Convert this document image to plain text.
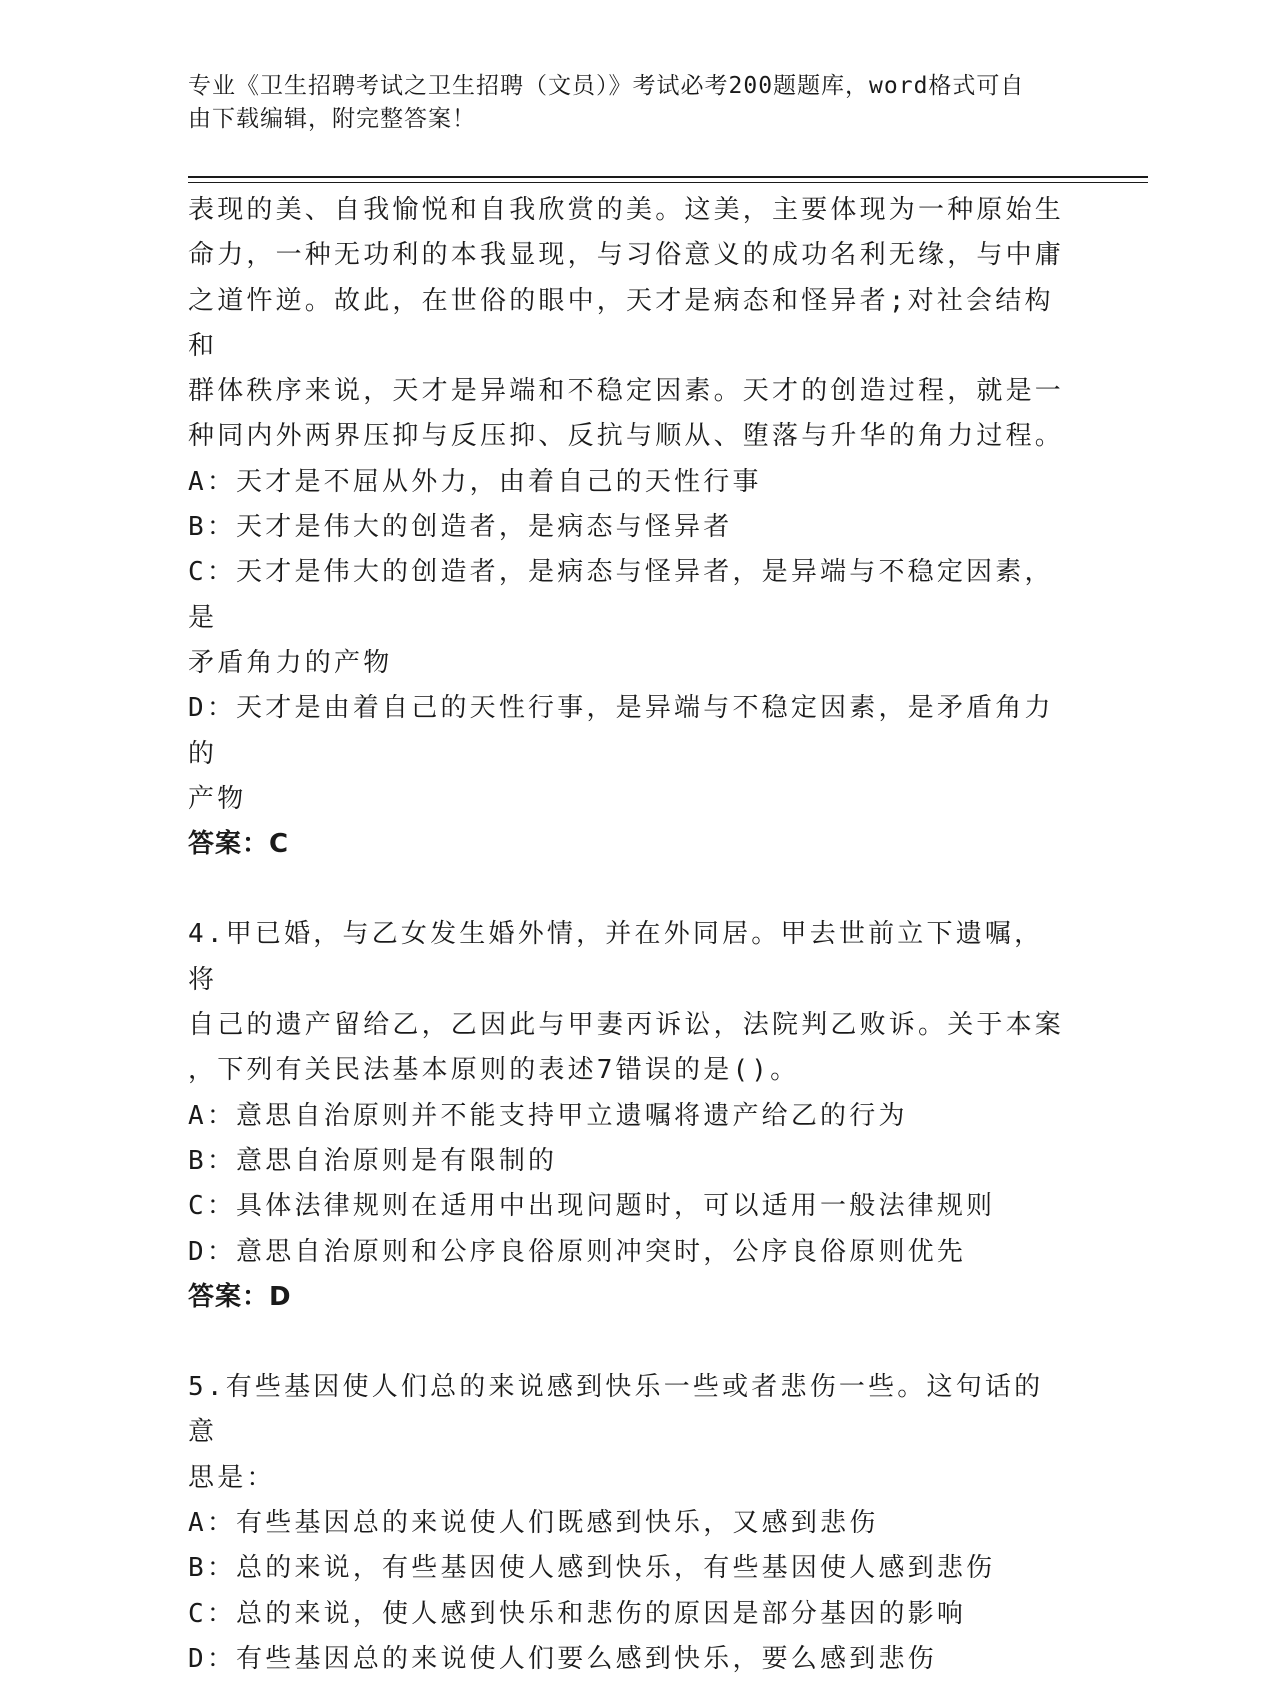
专业《卫生招聘考试之卫生招聘（文员）》考试必考200题题库，word格式可自
由下载编辑，附完整答案！

表现的美、自我愉悦和自我欣赏的美。这美，主要体现为一种原始生

命力，一种无功利的本我显现，与习俗意义的成功名利无缘，与中庸

之道忤逆。故此，在世俗的眼中，天才是病态和怪异者;对社会结构和

群体秩序来说，天才是异端和不稳定因素。天才的创造过程，就是一

种同内外两界压抑与反压抑、反抗与顺从、堕落与升华的角力过程。

A：天才是不屈从外力，由着自己的天性行事

B：天才是伟大的创造者，是病态与怪异者

C：天才是伟大的创造者，是病态与怪异者，是异端与不稳定因素，是

矛盾角力的产物

D：天才是由着自己的天性行事，是异端与不稳定因素，是矛盾角力的

产物

答案：C

4.甲已婚，与乙女发生婚外情，并在外同居。甲去世前立下遗嘱，将

自己的遗产留给乙，乙因此与甲妻丙诉讼，法院判乙败诉。关于本案

，下列有关民法基本原则的表述7错误的是()。

A：意思自治原则并不能支持甲立遗嘱将遗产给乙的行为

B：意思自治原则是有限制的

C：具体法律规则在适用中出现问题时，可以适用一般法律规则

D：意思自治原则和公序良俗原则冲突时，公序良俗原则优先

答案：D

5.有些基因使人们总的来说感到快乐一些或者悲伤一些。这句话的意

思是：

A：有些基因总的来说使人们既感到快乐，又感到悲伤

B：总的来说，有些基因使人感到快乐，有些基因使人感到悲伤

C：总的来说，使人感到快乐和悲伤的原因是部分基因的影响

D：有些基因总的来说使人们要么感到快乐，要么感到悲伤
